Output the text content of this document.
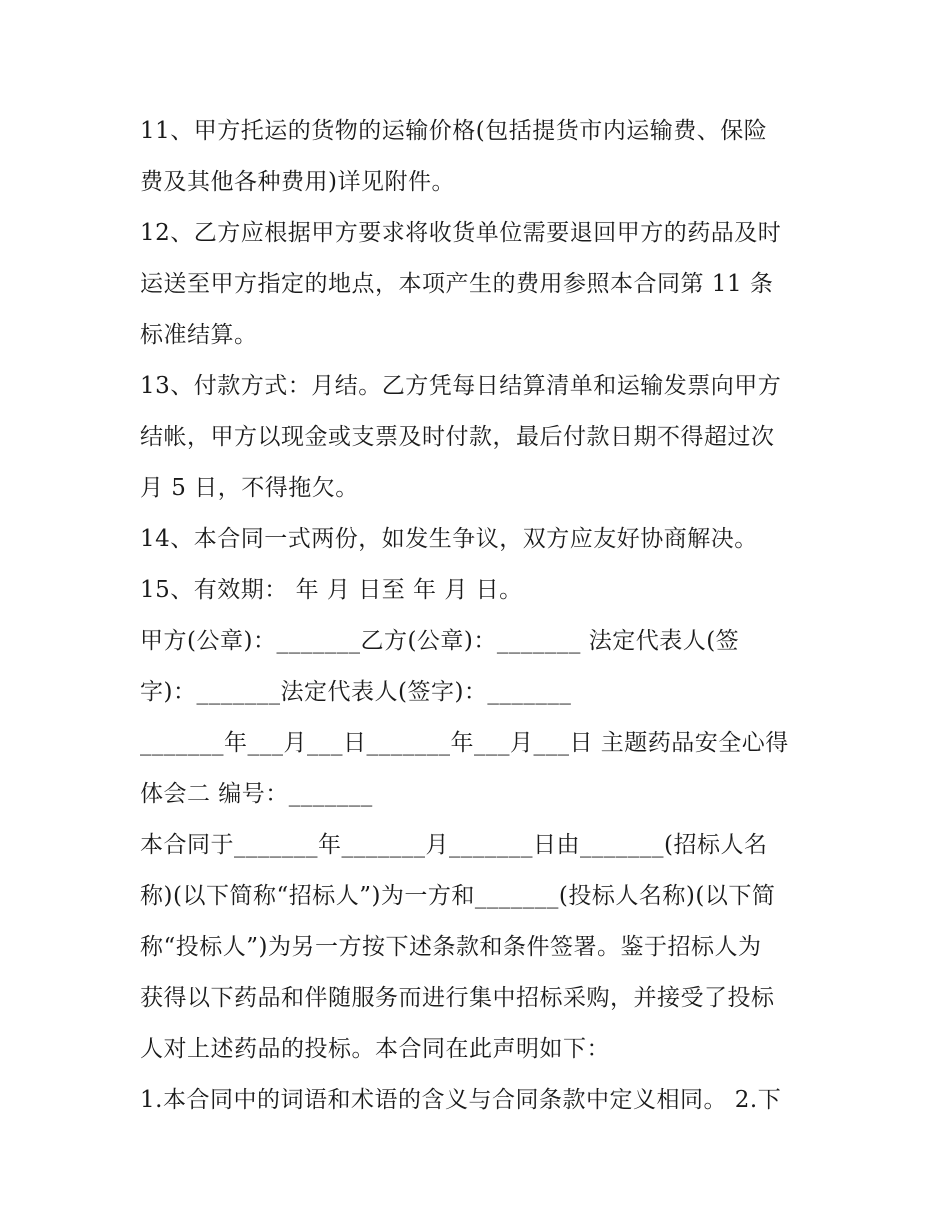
11、甲方托运的货物的运输价格(包括提货市内运输费、保险
费及其他各种费用)详见附件。
12、乙方应根据甲方要求将收货单位需要退回甲方的药品及时
运送至甲方指定的地点，本项产生的费用参照本合同第 11 条
标准结算。
13、付款方式：月结。乙方凭每日结算清单和运输发票向甲方
结帐，甲方以现金或支票及时付款，最后付款日期不得超过次
月 5 日，不得拖欠。
14、本合同一式两份，如发生争议，双方应友好协商解决。
15、有效期： 年 月 日至 年 月 日。
甲方(公章)：_______乙方(公章)：_______ 法定代表人(签
字)：_______法定代表人(签字)：_______
_______年___月___日_______年___月___日 主题药品安全心得
体会二 编号：_______
本合同于_______年_______月_______日由_______(招标人名
称)(以下简称“招标人”)为一方和_______(投标人名称)(以下简
称“投标人”)为另一方按下述条款和条件签署。鉴于招标人为
获得以下药品和伴随服务而进行集中招标采购，并接受了投标
人对上述药品的投标。本合同在此声明如下：
1.本合同中的词语和术语的含义与合同条款中定义相同。 2.下
